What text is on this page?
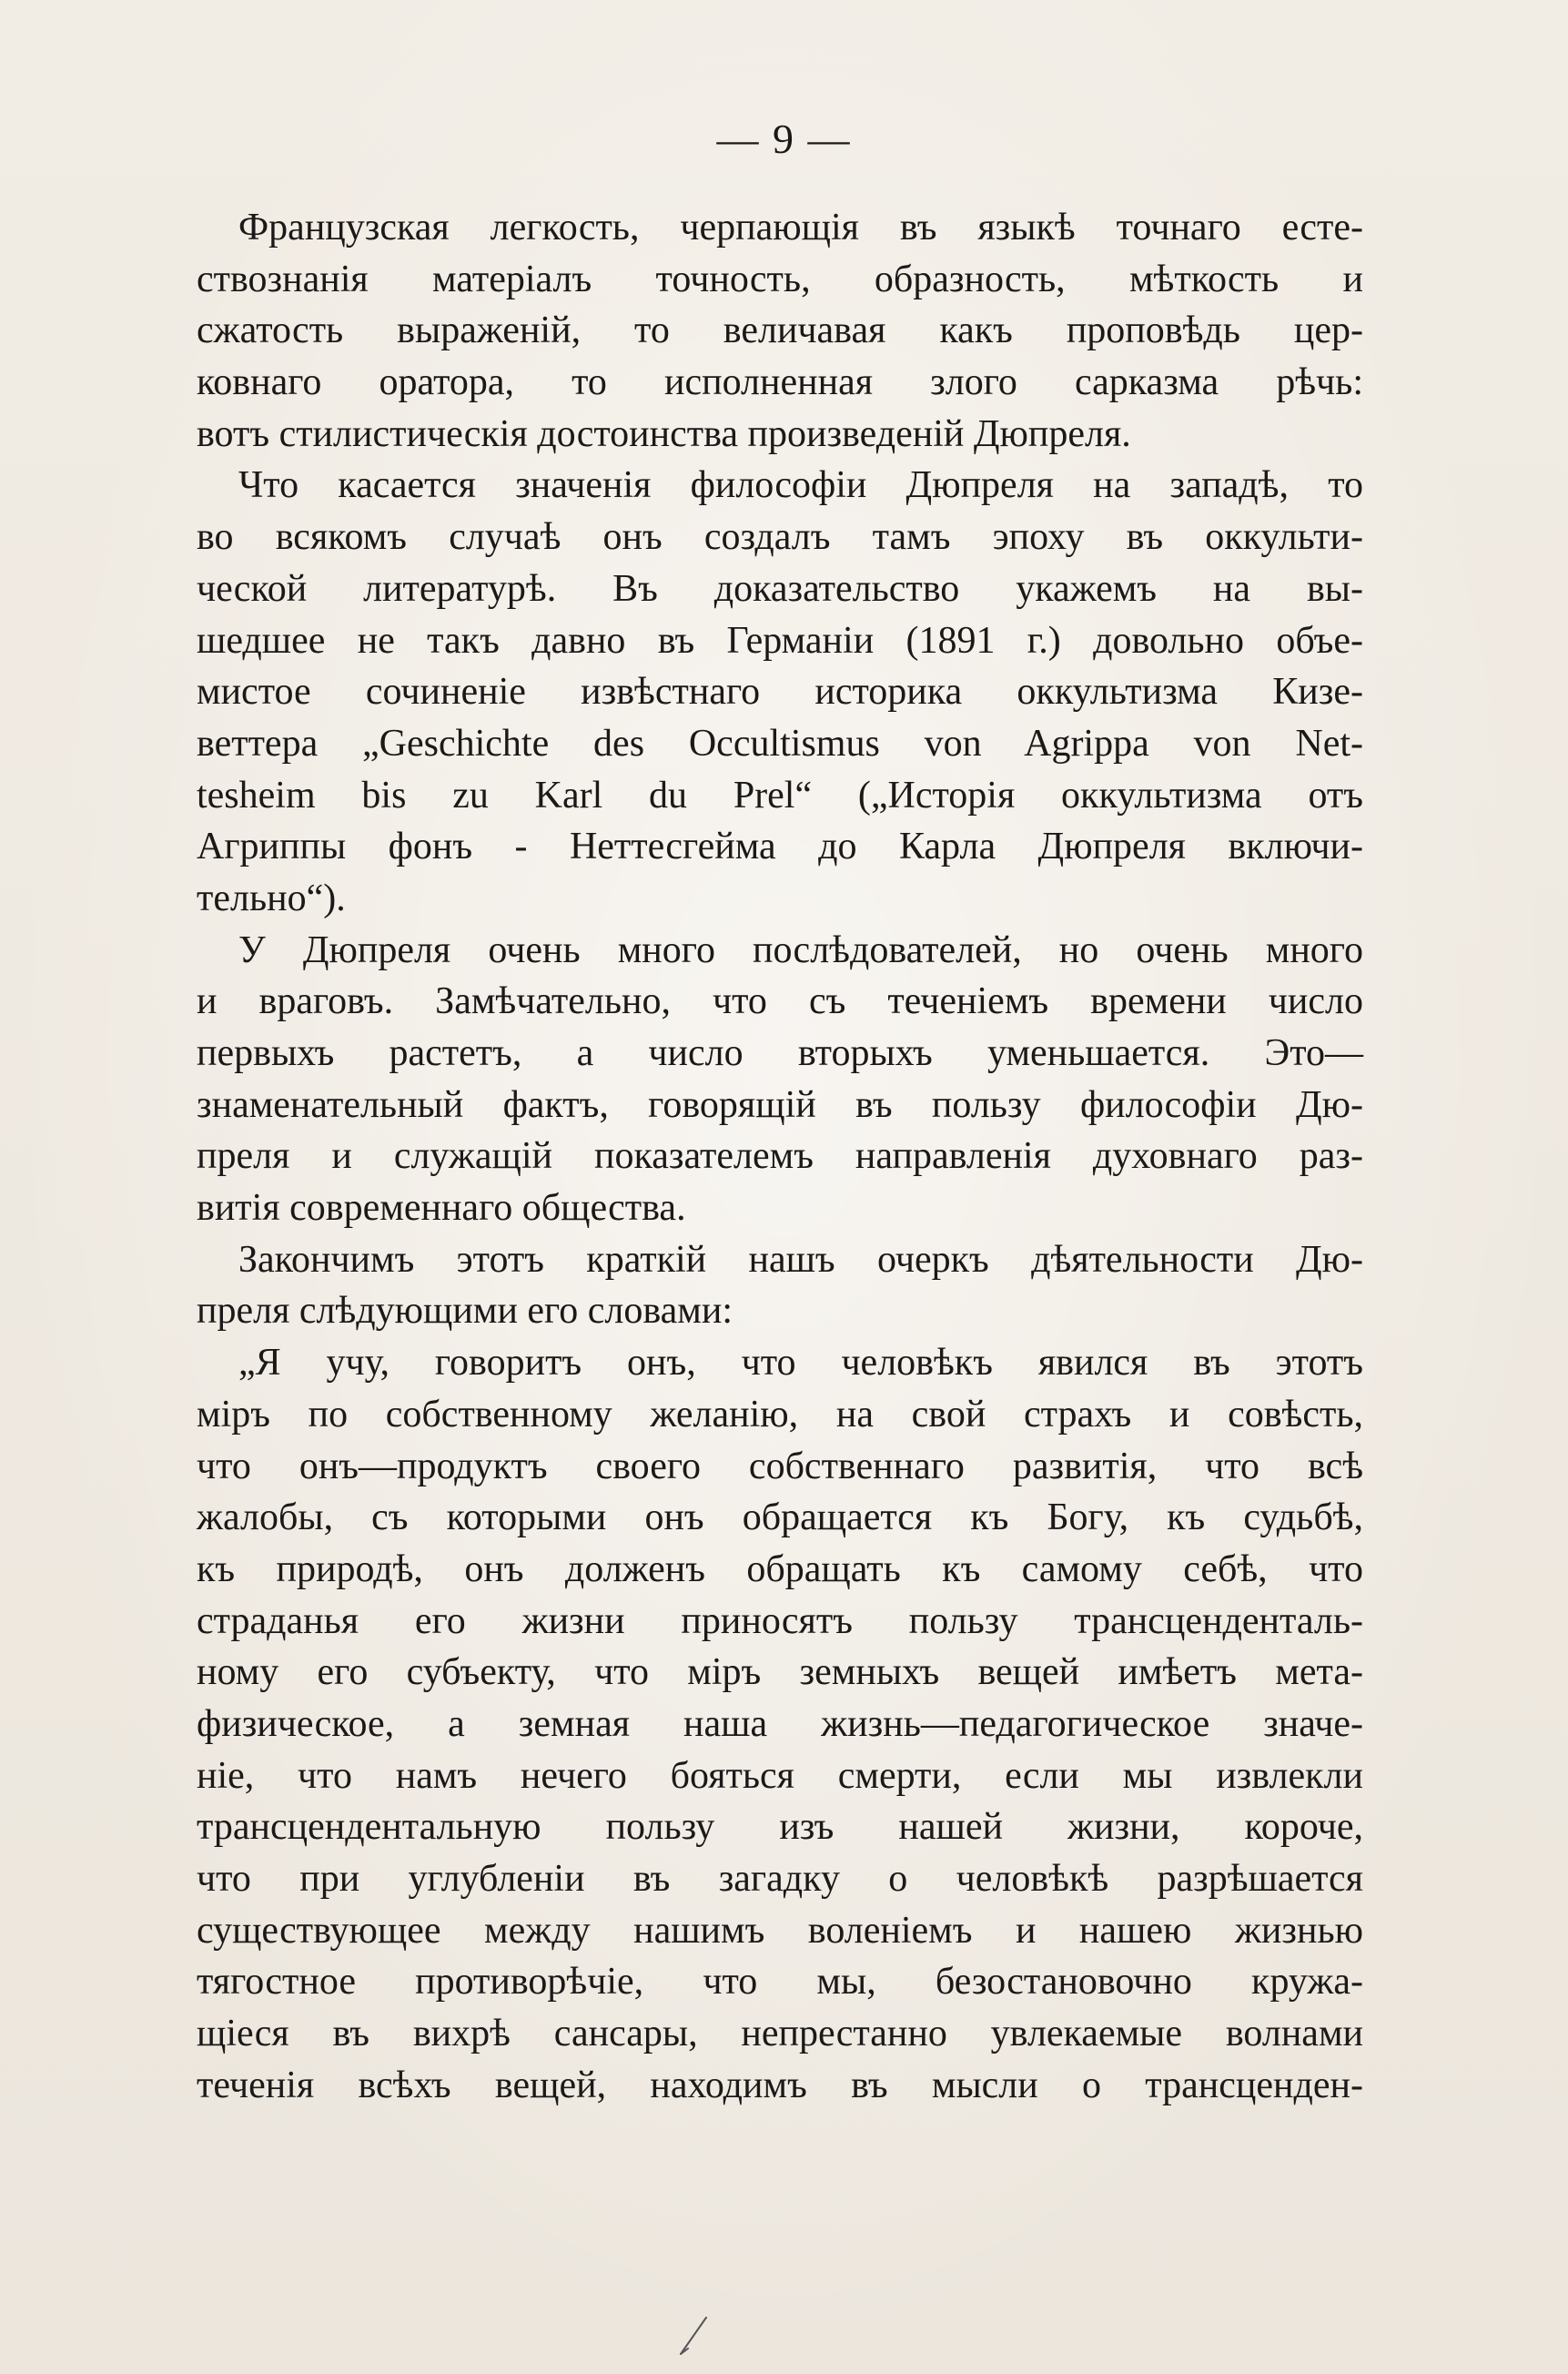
— 9 —
Французская легкость, черпающія въ языкѣ точнаго есте-
ствознанія матеріалъ точность, образность, мѣткость и
сжатость выраженій, то величавая какъ проповѣдь цер-
ковнаго оратора, то исполненная злого сарказма рѣчь:
вотъ стилистическія достоинства произведеній Дюпреля.
Что касается значенія философіи Дюпреля на западѣ, то
во всякомъ случаѣ онъ создалъ тамъ эпоху въ оккульти-
ческой литературѣ. Въ доказательство укажемъ на вы-
шедшее не такъ давно въ Германіи (1891 г.) довольно объе-
мистое сочиненіе извѣстнаго историка оккультизма Кизе-
веттера „Geschichte des Occultismus von Agrippa von Net-
tesheim bis zu Karl du Prel“ („Исторія оккультизма отъ
Агриппы фонъ - Неттесгейма до Карла Дюпреля включи-
тельно“).
У Дюпреля очень много послѣдователей, но очень много
и враговъ. Замѣчательно, что съ теченіемъ времени число
первыхъ растетъ, а число вторыхъ уменьшается. Это—
знаменательный фактъ, говорящій въ пользу философіи Дю-
преля и служащій показателемъ направленія духовнаго раз-
витія современнаго общества.
Закончимъ этотъ краткій нашъ очеркъ дѣятельности Дю-
преля слѣдующими его словами:
„Я учу, говоритъ онъ, что человѣкъ явился въ этотъ
міръ по собственному желанію, на свой страхъ и совѣсть,
что онъ—продуктъ своего собственнаго развитія, что всѣ
жалобы, съ которыми онъ обращается къ Богу, къ судьбѣ,
къ природѣ, онъ долженъ обращать къ самому себѣ, что
страданья его жизни приносятъ пользу трансценденталь-
ному его субъекту, что міръ земныхъ вещей имѣетъ мета-
физическое, а земная наша жизнь—педагогическое значе-
ніе, что намъ нечего бояться смерти, если мы извлекли
трансцендентальную пользу изъ нашей жизни, короче,
что при углубленіи въ загадку о человѣкѣ разрѣшается
существующее между нашимъ воленіемъ и нашею жизнью
тягостное противорѣчіе, что мы, безостановочно кружа-
щіеся въ вихрѣ сансары, непрестанно увлекаемые волнами
теченія всѣхъ вещей, находимъ въ мысли о трансценден-
